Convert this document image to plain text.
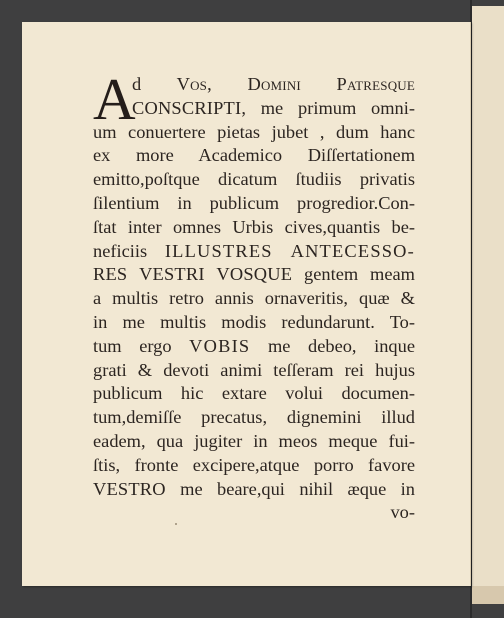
A
d Vos, Domini Patresque
CONSCRIPTI, me primum omni-
um conuertere pietas jubet , dum hanc
ex more Academico Diſſertationem
emitto,poſtque dicatum ſtudiis privatis
ſilentium in publicum progredior.Con-
ſtat inter omnes Urbis cives,quantis be-
neficiis ILLUSTRES ANTECESSO-
RES VESTRI VOSQUE gentem meam
a multis retro annis ornaveritis, quæ &
in me multis modis redundarunt. To-
tum ergo VOBIS me debeo, inque
grati & devoti animi teſſeram rei hujus
publicum hic extare volui documen-
tum,demiſſe precatus, dignemini illud
eadem, qua jugiter in meos meque fui-
ſtis, fronte excipere,atque porro favore
VESTRO me beare,qui nihil æque in
vo-
